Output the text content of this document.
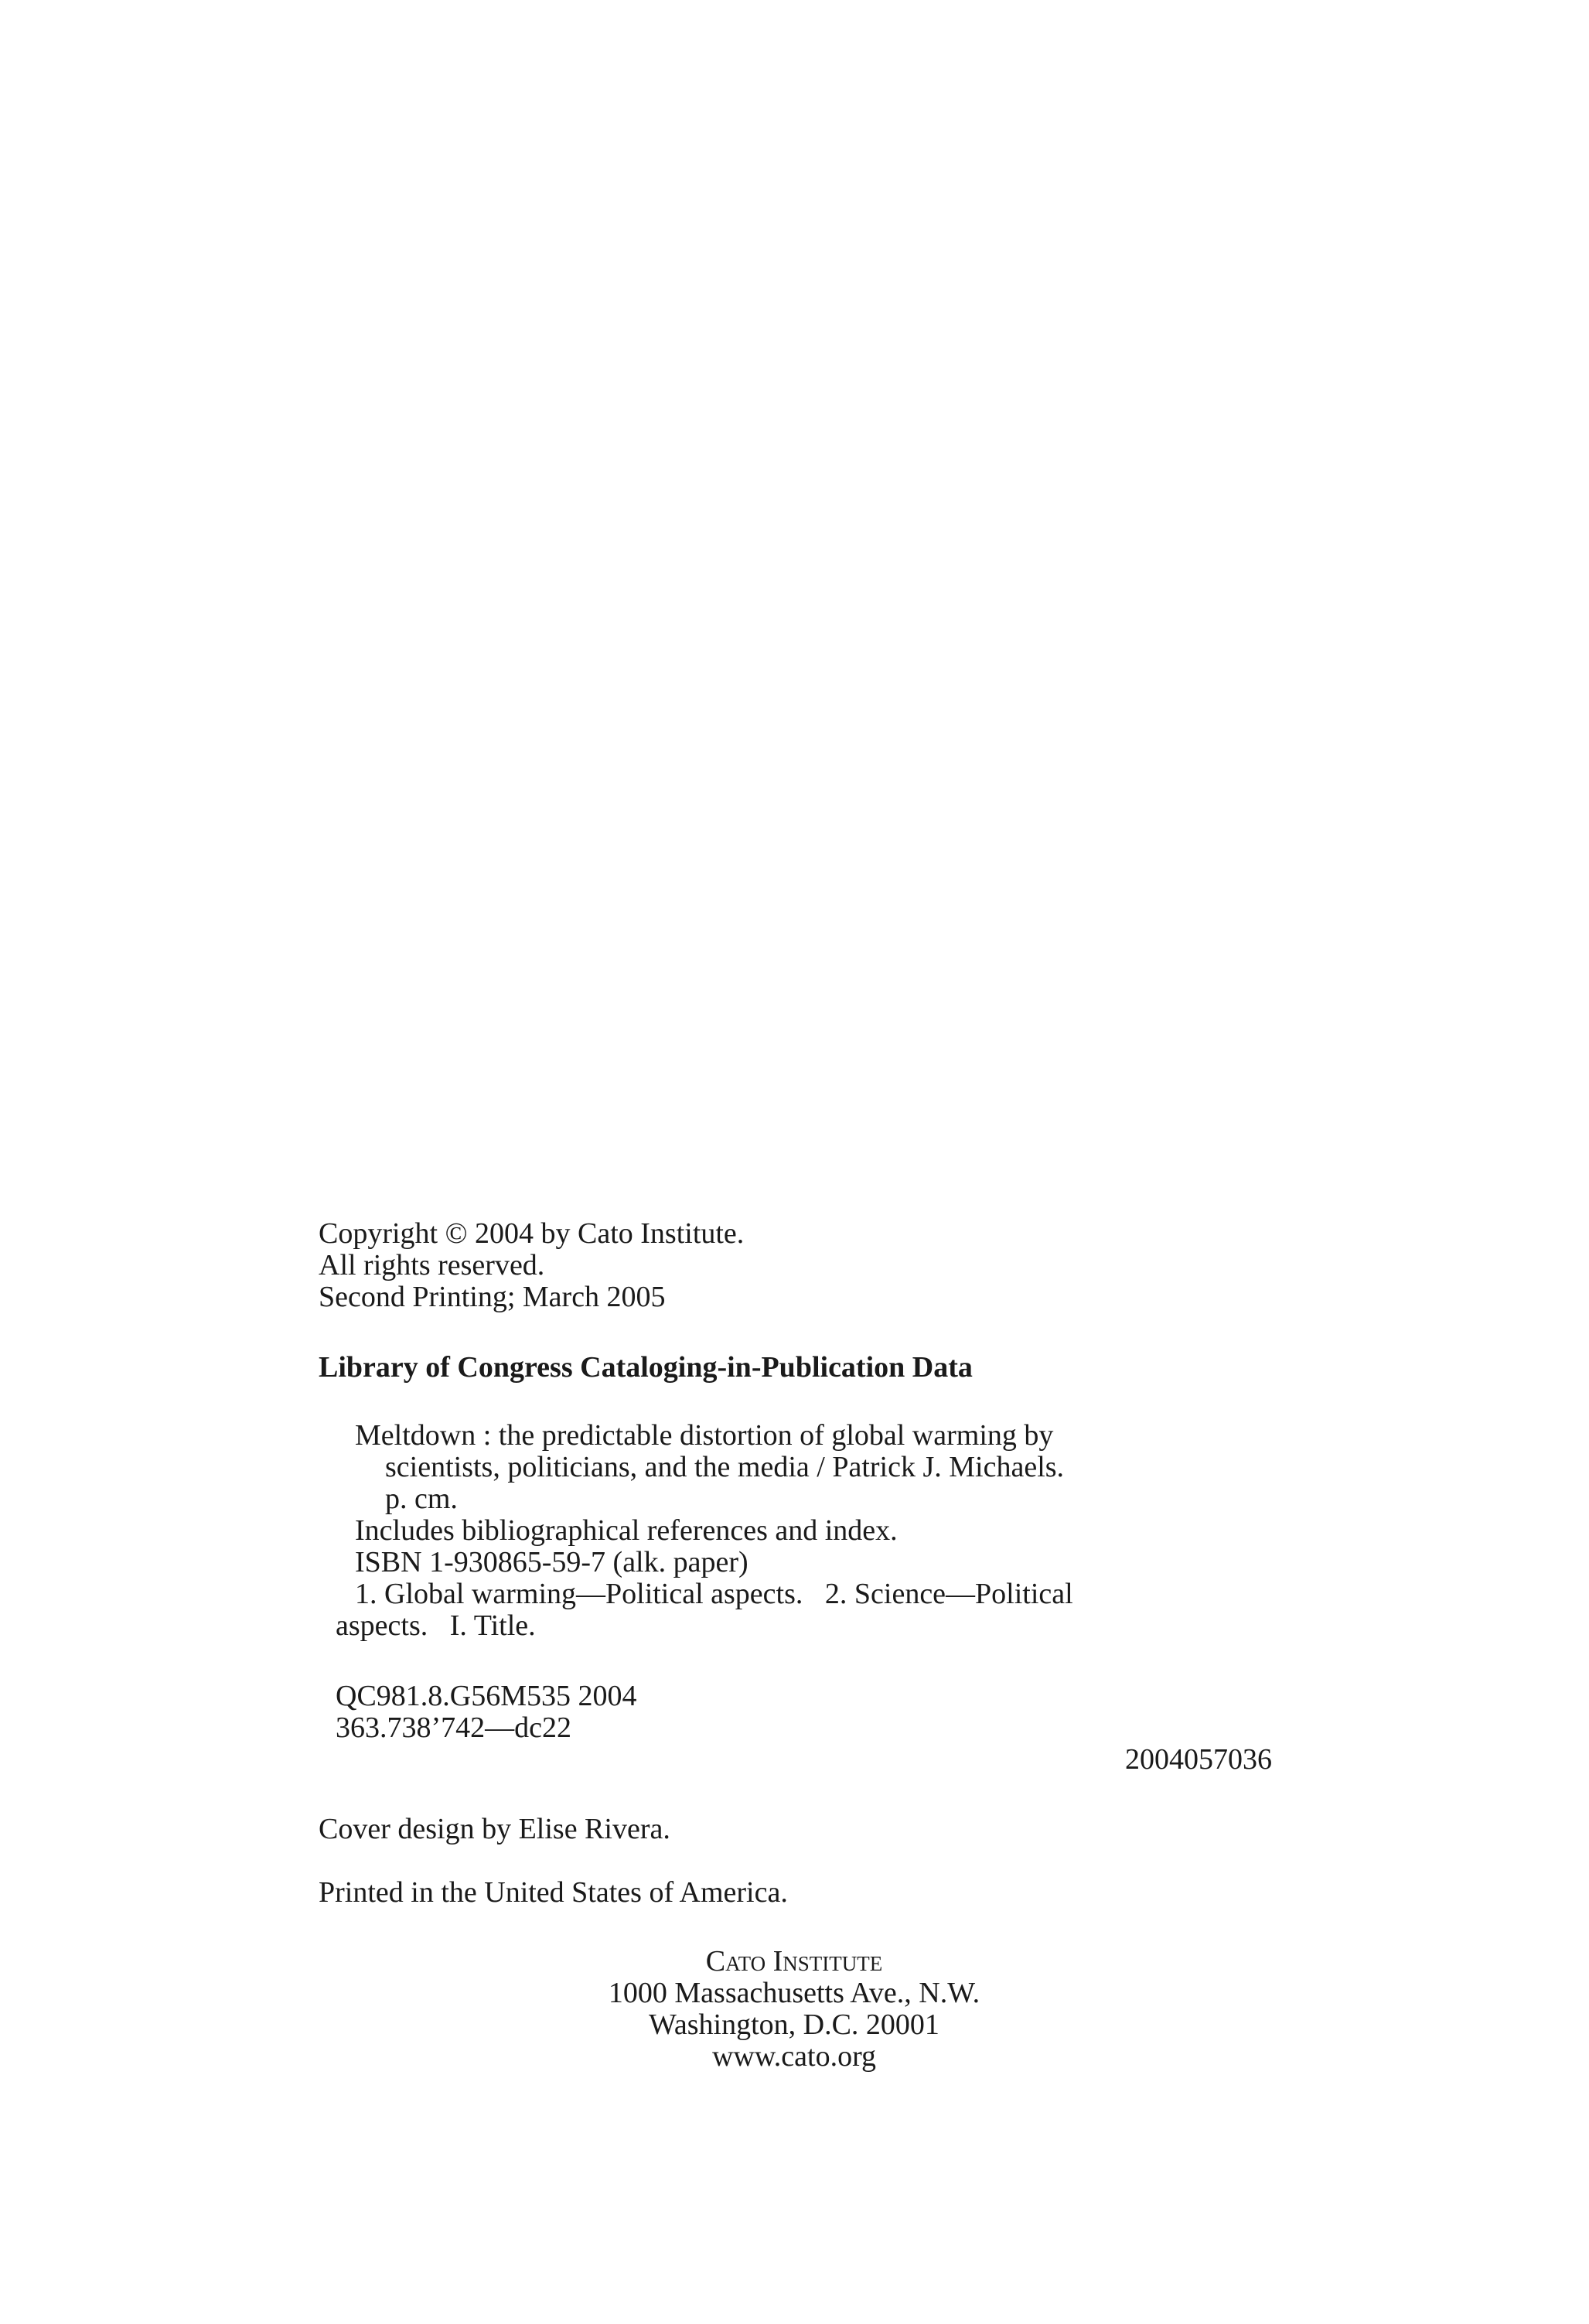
Copyright © 2004 by Cato Institute.
All rights reserved.
Second Printing; March 2005
Library of Congress Cataloging-in-Publication Data
Meltdown : the predictable distortion of global warming by
scientists, politicians, and the media / Patrick J. Michaels.
p. cm.
Includes bibliographical references and index.
ISBN 1-930865-59-7 (alk. paper)
1. Global warming—Political aspects.   2. Science—Political
aspects.   I. Title.
QC981.8.G56M535 2004
363.738’742—dc22
2004057036
Cover design by Elise Rivera.
Printed in the United States of America.
Cato Institute
1000 Massachusetts Ave., N.W.
Washington, D.C. 20001
www.cato.org
